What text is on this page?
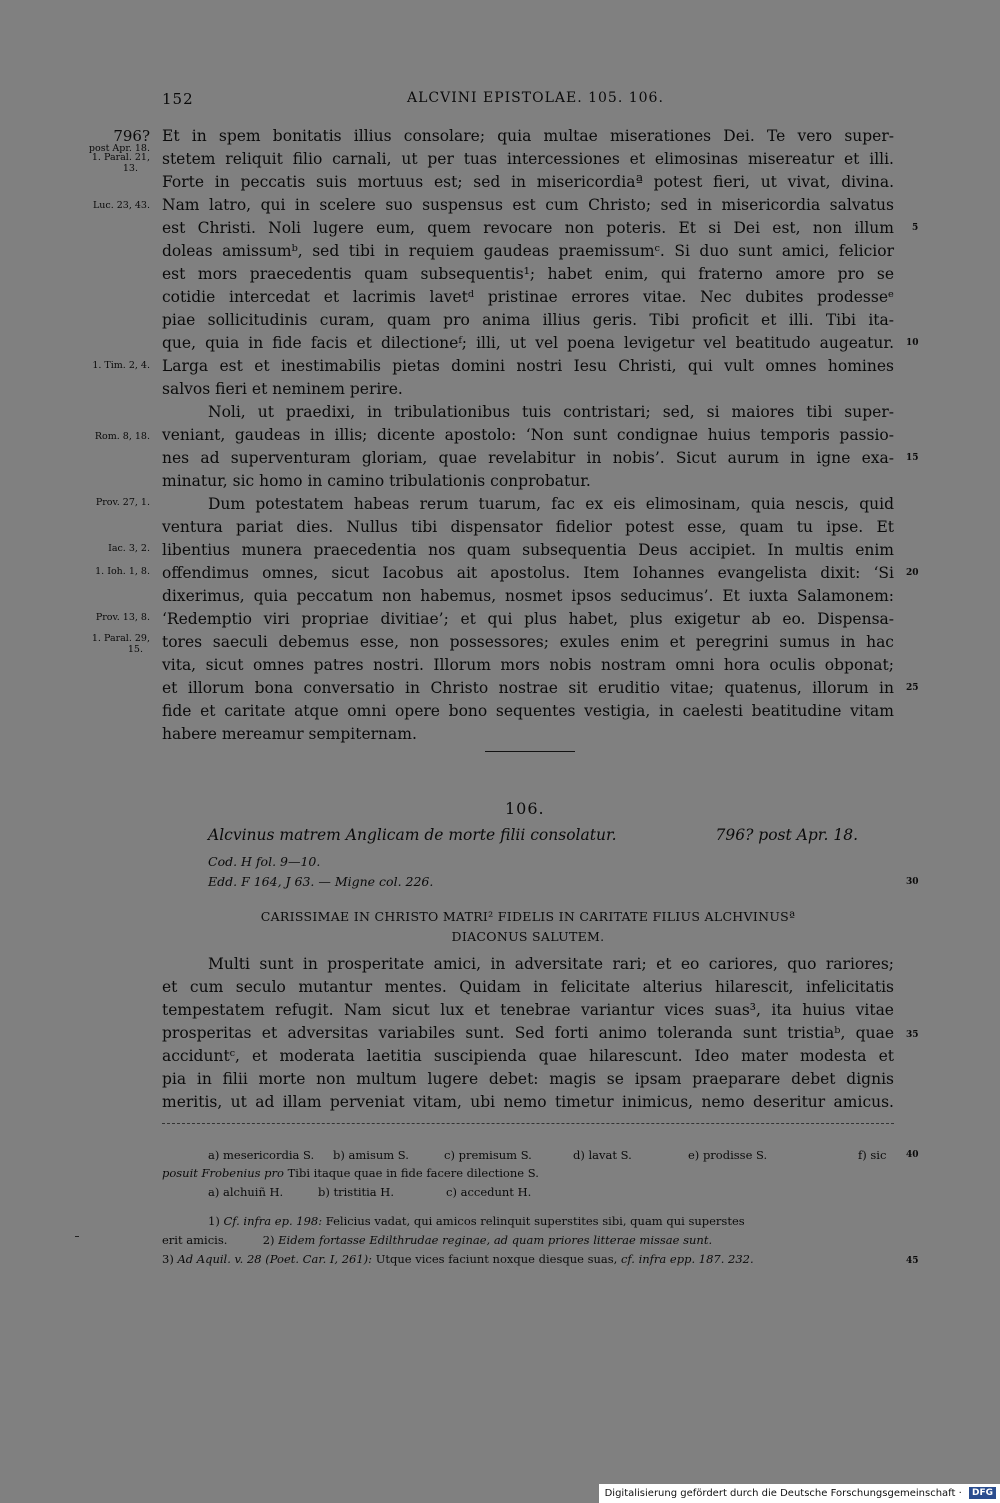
152	ALCVINI EPISTOLAE. 105. 106.
796?
post Apr. 18.
1. Paral. 21,
13.
Luc. 23, 43.
1. Tim. 2, 4.
Rom. 8, 18.
Prov. 27, 1.
Iac. 3, 2.
1. Ioh. 1, 8.
Prov. 13, 8.
1. Paral. 29,
15.
Et in spem bonitatis illius consolare; quia multae miserationes Dei. Te vero super-
stetem reliquit filio carnali, ut per tuas intercessiones et elimosinas misereatur et illi.
Forte in peccatis suis mortuus est; sed in misericordiaª potest fieri, ut vivat, divina.
Nam latro, qui in scelere suo suspensus est cum Christo; sed in misericordia salvatus
est Christi. Noli lugere eum, quem revocare non poteris. Et si Dei est, non illum
doleas amissumᵇ, sed tibi in requiem gaudeas praemissumᶜ. Si duo sunt amici, felicior
est mors praecedentis quam subsequentis¹; habet enim, qui fraterno amore pro se
cotidie intercedat et lacrimis lavetᵈ pristinae errores vitae. Nec dubites prodesseᵉ
piae sollicitudinis curam, quam pro anima illius geris. Tibi proficit et illi. Tibi ita-
que, quia in fide facis et dilectioneᶠ; illi, ut vel poena levigetur vel beatitudo augeatur.
Larga est et inestimabilis pietas domini nostri Iesu Christi, qui vult omnes homines
salvos fieri et neminem perire.
Noli, ut praedixi, in tribulationibus tuis contristari; sed, si maiores tibi super-
veniant, gaudeas in illis; dicente apostolo: ‘Non sunt condignae huius temporis passio-
nes ad superventuram gloriam, quae revelabitur in nobis’. Sicut aurum in igne exa-
minatur, sic homo in camino tribulationis conprobatur.
Dum potestatem habeas rerum tuarum, fac ex eis elimosinam, quia nescis, quid
ventura pariat dies. Nullus tibi dispensator fidelior potest esse, quam tu ipse. Et
libentius munera praecedentia nos quam subsequentia Deus accipiet. In multis enim
offendimus omnes, sicut Iacobus ait apostolus. Item Iohannes evangelista dixit: ‘Si
dixerimus, quia peccatum non habemus, nosmet ipsos seducimus’. Et iuxta Salamonem:
‘Redemptio viri propriae divitiae’; et qui plus habet, plus exigetur ab eo. Dispensa-
tores saeculi debemus esse, non possessores; exules enim et peregrini sumus in hac
vita, sicut omnes patres nostri. Illorum mors nobis nostram omni hora oculis obponat;
et illorum bona conversatio in Christo nostrae sit eruditio vitae; quatenus, illorum in
fide et caritate atque omni opere bono sequentes vestigia, in caelesti beatitudine vitam
habere mereamur sempiternam.
5
10
15
20
25
30
35
40
45
106.
Alcvinus matrem Anglicam de morte filii consolatur.	796? post Apr. 18.
Cod. H fol. 9—10.
Edd. F 164, J 63. — Migne col. 226.
CARISSIMAE IN CHRISTO MATRI² FIDELIS IN CARITATE FILIUS ALCHVINUSª
DIACONUS SALUTEM.
Multi sunt in prosperitate amici, in adversitate rari; et eo cariores, quo rariores;
et cum seculo mutantur mentes. Quidam in felicitate alterius hilarescit, infelicitatis
tempestatem refugit. Nam sicut lux et tenebrae variantur vices suas³, ita huius vitae
prosperitas et adversitas variabiles sunt. Sed forti animo toleranda sunt tristiaᵇ, quae
acciduntᶜ, et moderata laetitia suscipienda quae hilarescunt. Ideo mater modesta et
pia in filii morte non multum lugere debet: magis se ipsam praeparare debet dignis
meritis, ut ad illam perveniat vitam, ubi nemo timetur inimicus, nemo deseritur amicus.
a) mesericordia S. b) amisum S.	c) premisum S.	d) lavat S.	e) prodisse S.	f) sic
posuit Frobenius pro Tibi itaque quae in fide facere dilectione S.
a) alchuiñ H.	b) tristitia H.	c) accedunt H.
1) Cf. infra ep. 198: Felicius vadat, qui amicos relinquit superstites sibi, quam qui superstes
erit amicis.	2) Eidem fortasse Edilthrudae reginae, ad quam priores litterae missae sunt.
3) Ad Aquil. v. 28 (Poet. Car. I, 261): Utque vices faciunt noxque diesque suas, cf. infra epp. 187. 232.
Digitalisierung gefördert durch die Deutsche Forschungsgemeinschaft · DFG
